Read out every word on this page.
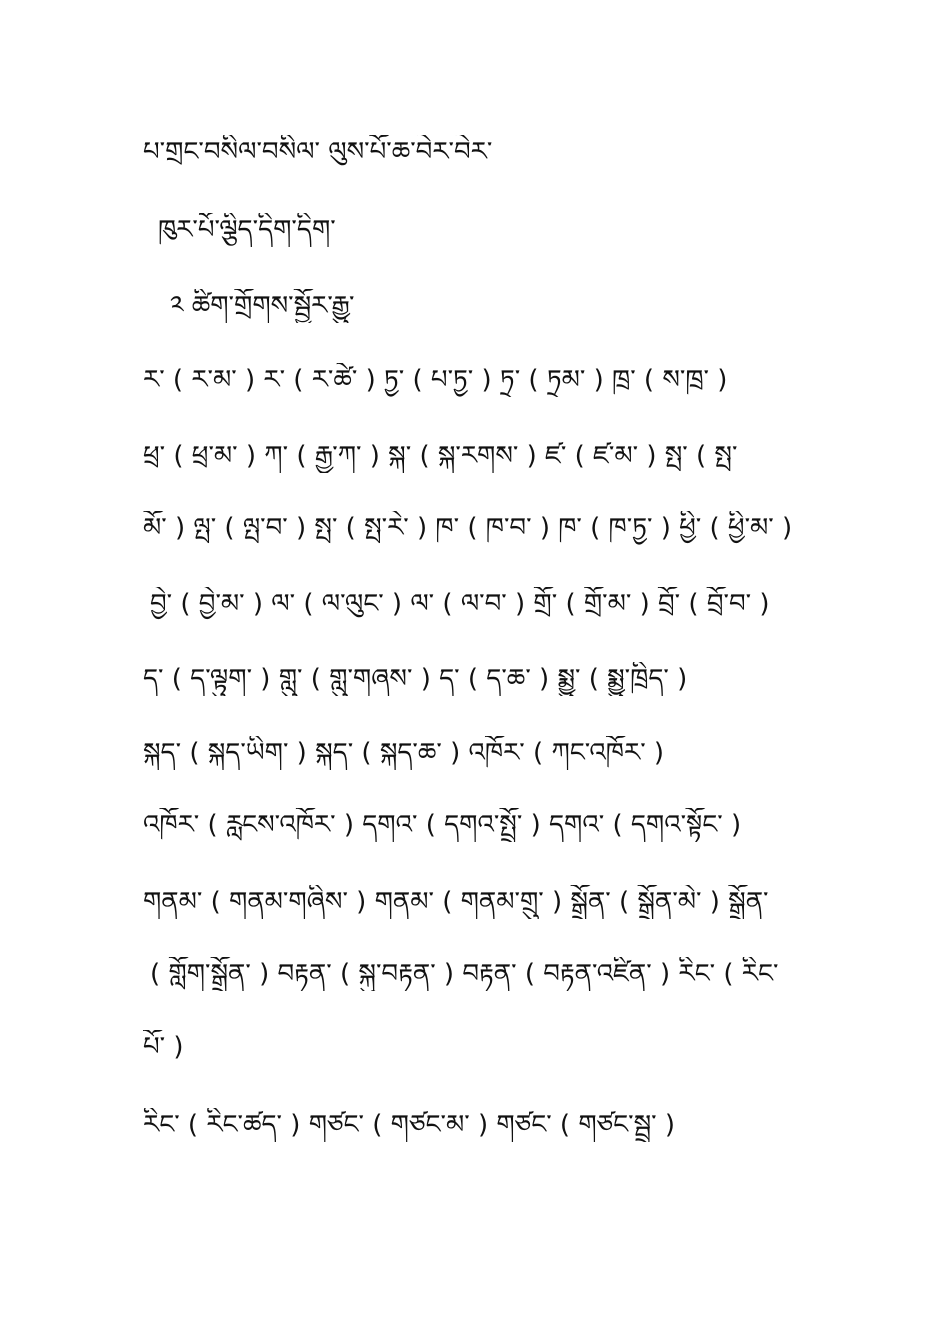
པ་གྲང་བསིལ་བསིལ་ ལུས་པོ་ཆ་བེར་བེར་
ཁུར་པོ་ལྕིད་དིག་དིག་
༢ ཚིག་གྲོགས་སྦྱོར་རྒྱུ་
ར་ ( ར་མ་ ) ར་ ( ར་ཚེ་ ) ཏྱ་ ( པ་ཏྱ་ ) ཏྲ་ ( ཏྲམ་ ) ཁྲ་ ( ས་ཁྲ་ )
ཕྲ་ ( ཕྲ་མ་ ) ཀ་ ( རྒྱ་ཀ་ ) སྐ་ ( སྐ་རགས་ ) ཛ་ ( ཛ་མ་ ) སྤ་ ( སྤ་
མོ་ ) ལྤ་ ( ལྤ་བ་ ) སྤ་ ( སྤ་རེ་ ) ཁ་ ( ཁ་བ་ ) ཁ་ ( ཁ་ཏྱ་ ) ཕྱི་ ( ཕྱི་མ་ )
བྱེ་ ( བྱེ་མ་ ) ལ་ ( ལ་ལུང་ ) ལ་ ( ལ་བ་ ) གྲོ་ ( གྲོ་མ་ ) བྲོ་ ( བྲོ་བ་ )
ད་ ( ད་ལྟུག་ ) གླུ་ ( གླུ་གཞས་ ) ད་ ( ད་ཆ་ ) སྨྱུ་ ( སྨྱུ་ཁྲིད་ )
སྐད་ ( སྐད་ཡིག་ ) སྐད་ ( སྐད་ཆ་ ) འཁོར་ ( ཀང་འཁོར་ )
འཁོར་ ( རླངས་འཁོར་ ) དགའ་ ( དགའ་སྤྲོ་ ) དགའ་ ( དགའ་སྟོང་ )
གནམ་ ( གནམ་གཞིས་ ) གནམ་ ( གནམ་གྲུ་ ) སྒྲོན་ ( སྒྲོན་མེ་ ) སྒྲོན་
( གློག་སྒྲོན་ ) བརྟན་ ( སྐུ་བརྟན་ ) བརྟན་ ( བརྟན་འཛིན་ ) རིང་ ( རིང་
པོ་ )
རིང་ ( རིང་ཚད་ ) གཙང་ ( གཙང་མ་ ) གཙང་ ( གཙང་སྦྲ་ )
